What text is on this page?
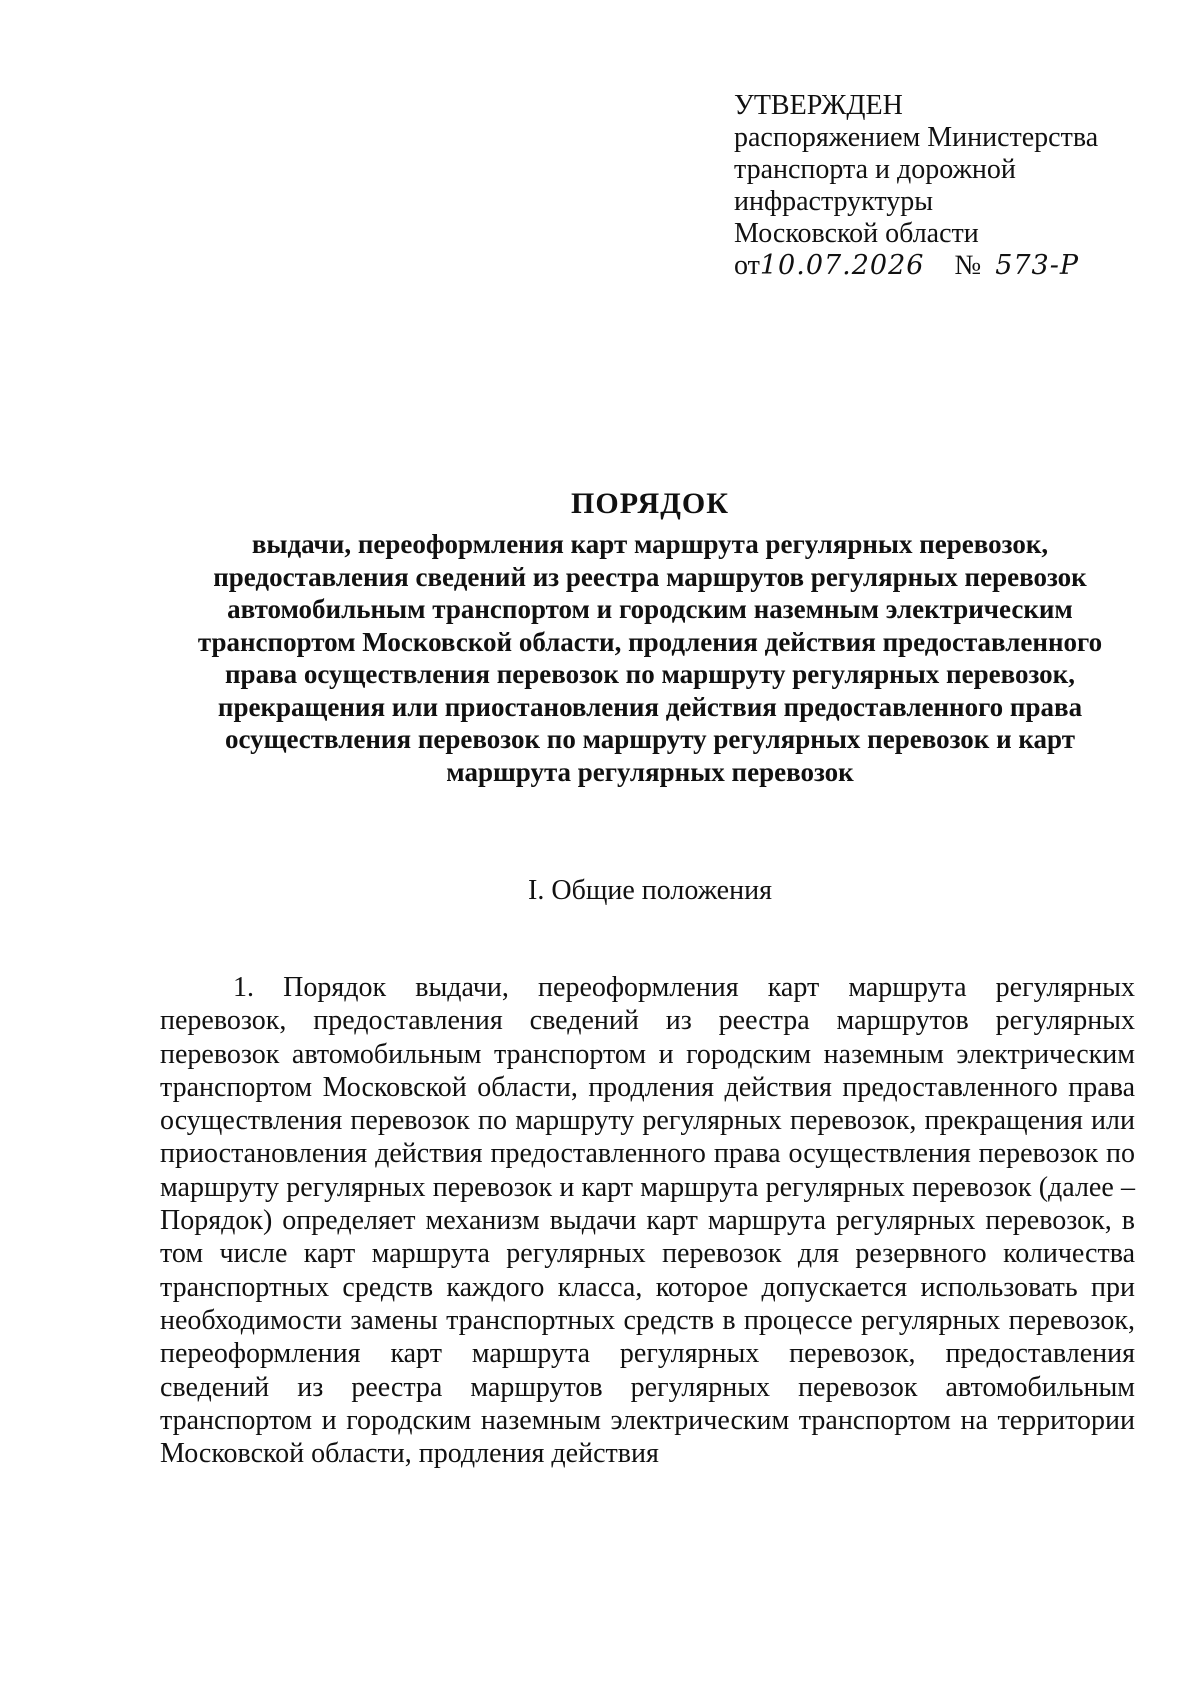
УТВЕРЖДЕН
распоряжением Министерства
транспорта и дорожной
инфраструктуры
Московской области
от10.07.2026 № 573-Р
ПОРЯДОК
выдачи, переоформления карт маршрута регулярных перевозок, предоставления сведений из реестра маршрутов регулярных перевозок автомобильным транспортом и городским наземным электрическим транспортом Московской области, продления действия предоставленного права осуществления перевозок по маршруту регулярных перевозок, прекращения или приостановления действия предоставленного права осуществления перевозок по маршруту регулярных перевозок и карт маршрута регулярных перевозок
I. Общие положения

1. Порядок выдачи, переоформления карт маршрута регулярных перевозок, предоставления сведений из реестра маршрутов регулярных перевозок автомобильным транспортом и городским наземным электрическим транспортом Московской области, продления действия предоставленного права осуществления перевозок по маршруту регулярных перевозок, прекращения или приостановления действия предоставленного права осуществления перевозок по маршруту регулярных перевозок и карт маршрута регулярных перевозок (далее – Порядок) определяет механизм выдачи карт маршрута регулярных перевозок, в том числе карт маршрута регулярных перевозок для резервного количества транспортных средств каждого класса, которое допускается использовать при необходимости замены транспортных средств в процессе регулярных перевозок, переоформления карт маршрута регулярных перевозок, предоставления сведений из реестра маршрутов регулярных перевозок автомобильным транспортом и городским наземным электрическим транспортом на территории Московской области, продления действия
